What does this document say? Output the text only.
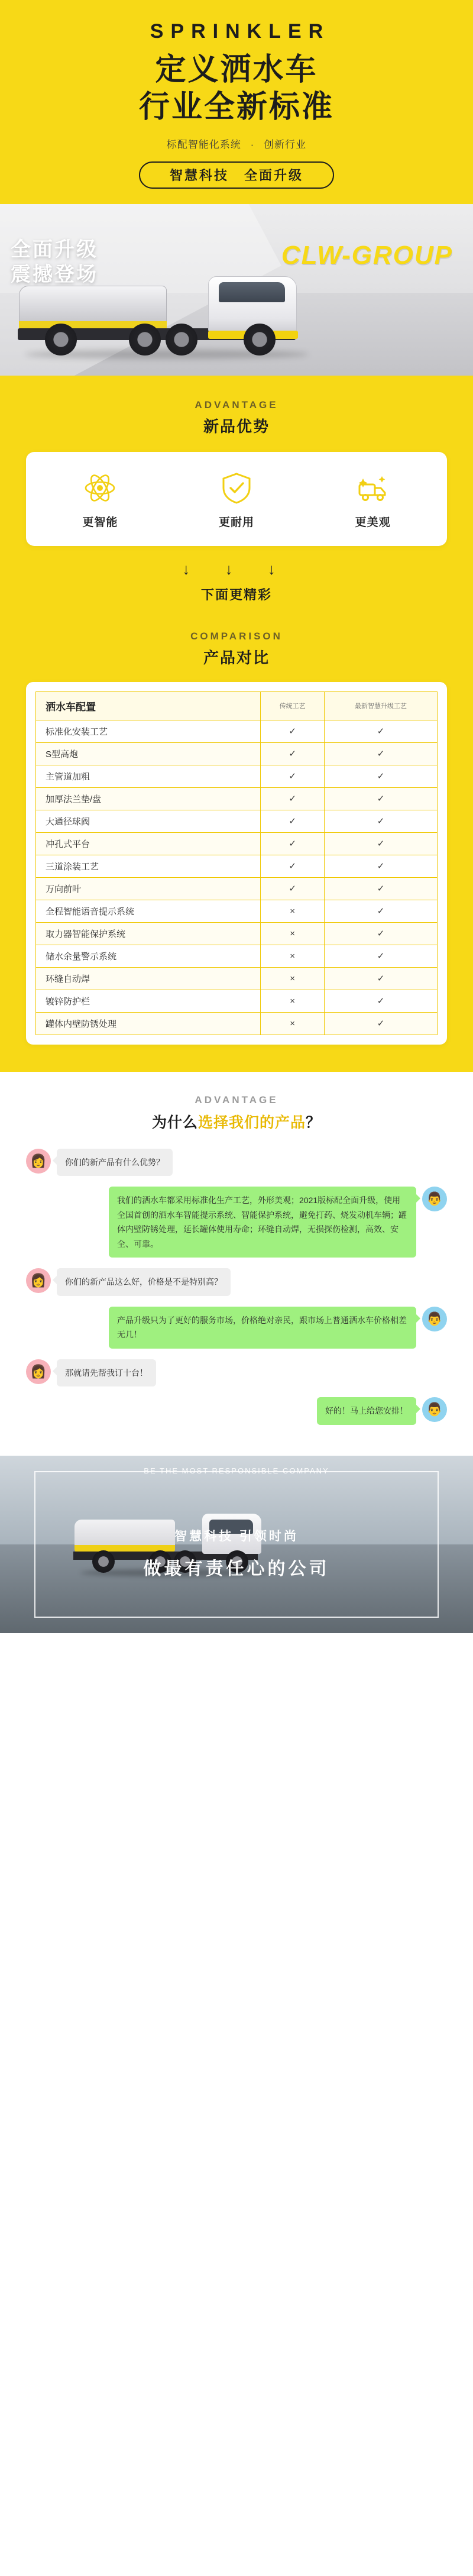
SPRINKLER
定义洒水车
行业全新标准
标配智能化系统 · 创新行业
智慧科技 全面升级
全面升级
震撼登场
CLW-GROUP
ADVANTAGE
新品优势
更智能	更耐用	更美观
↓ ↓ ↓
下面更精彩
COMPARISON
产品对比
洒水车配置	传统工艺	最新智慧升级工艺
标准化安装工艺	✓	✓
S型高炮	✓	✓
主管道加粗	✓	✓
加厚法兰垫/盘	✓	✓
大通径球阀	✓	✓
冲孔式平台	✓	✓
三道涂装工艺	✓	✓
万向前叶	✓	✓
全程智能语音提示系统	×	✓
取力器智能保护系统	×	✓
储水余量警示系统	×	✓
环缝自动焊	×	✓
镀锌防护栏	×	✓
罐体内壁防锈处理	×	✓
ADVANTAGE
为什么选择我们的产品？
👩	你们的新产品有什么优势？
我们的洒水车都采用标准化生产工艺，外形美观；2021版标配全面升级，使用全国首创的洒水车智能提示系统、智能保护系统，避免打药、烧发动机车辆；罐体内壁防锈处理，延长罐体使用寿命；环缝自动焊，无损探伤检测，高效、安全、可靠。
👨
👩	你们的新产品这么好，价格是不是特别高？
产品升级只为了更好的服务市场，价格绝对亲民，跟市场上普通洒水车价格相差无几！
👨
👩	那就请先帮我订十台！
好的！马上给您安排！	👨
BE THE MOST RESPONSIBLE COMPANY
智慧科技 引领时尚
做最有责任心的公司
